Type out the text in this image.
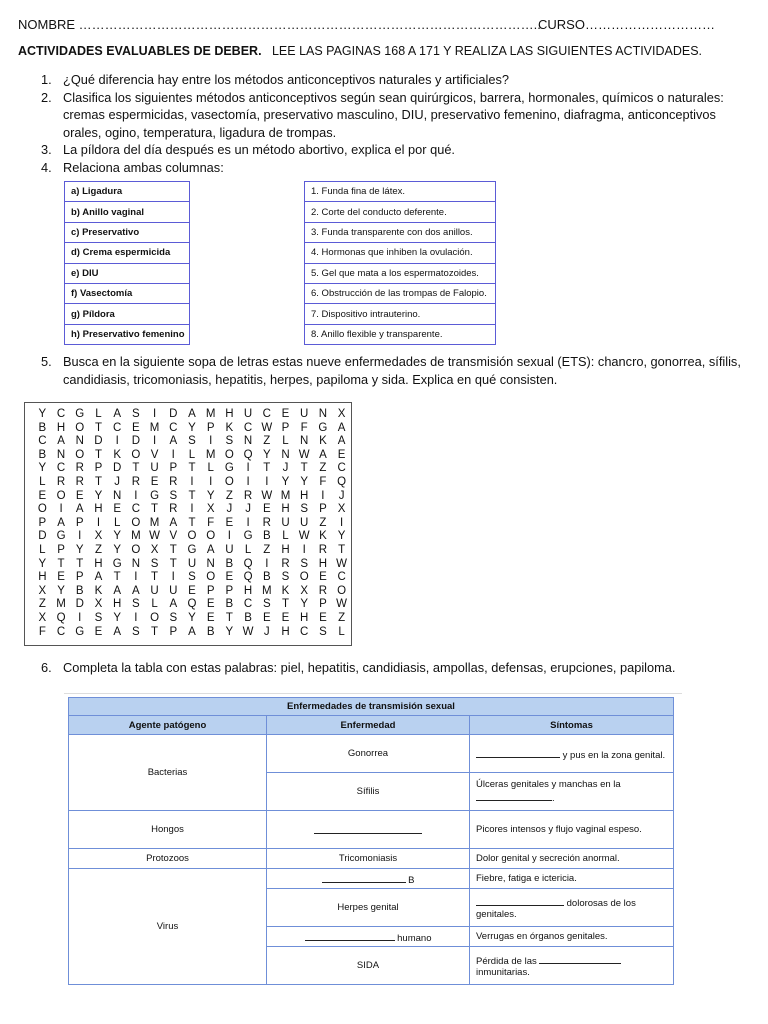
NOMBRE ……………………………………………………………………………………………..
CURSO…………………………
ACTIVIDADES EVALUABLES DE DEBER. LEE LAS PAGINAS 168 A 171 Y REALIZA LAS SIGUIENTES ACTIVIDADES.
1. ¿Qué diferencia hay entre los métodos anticonceptivos naturales y artificiales?
2. Clasifica los siguientes métodos anticonceptivos según sean quirúrgicos, barrera, hormonales, químicos o naturales: cremas espermicidas, vasectomía, preservativo masculino, DIU, preservativo femenino, diafragma, anticonceptivos orales, ogino, temperatura, ligadura de trompas.
3. La píldora del día después es un método abortivo, explica el por qué.
4. Relaciona ambas columnas:
a) Ligadura
b) Anillo vaginal
c) Preservativo
d) Crema espermicida
e) DIU
f) Vasectomía
g) Píldora
h) Preservativo femenino
1. Funda fina de látex.
2. Corte del conducto deferente.
3. Funda transparente con dos anillos.
4. Hormonas que inhiben la ovulación.
5. Gel que mata a los espermatozoides.
6. Obstrucción de las trompas de Falopio.
7. Dispositivo intrauterino.
8. Anillo flexible y transparente.
5. Busca en la siguiente sopa de letras estas nueve enfermedades de transmisión sexual (ETS): chancro, gonorrea, sífilis, candidiasis, tricomoniasis, hepatitis, herpes, papiloma y sida. Explica en qué consisten.
Y C G L	A S	I	D A M H U C E U N X
B H O T C E M C Y P K C W P F G A
C A N D	I	D	I	A S	I	S N Z	L N K A
B N O T K O V	I	L M O Q Y N W A E
Y C R P D T U P T	L G	I	T	J	T	Z C
L R R T	J	R E R	I	I	O	I	I	Y Y F Q
E O E Y N	I	G S T Y Z R W M H	I	J
O	I	A H E C T R	I	X	J	J	E H S P X
P A P	I	L O M A T	F E	I	R U U Z	I
D G	I	X Y M W V O O	I	G B	L W K Y
L	P Y Z Y O X T G A U L	Z H	I	R T
Y T	T H G N S T U N B Q	I	R S H W
H E P A T	I	T	I	S O E Q B S O E C
X Y B K A A U U E P P H M K X R O
Z M D X H S	L	A Q E B C S T Y P W
X Q	I	S Y	I	O S Y E T B E E H E Z
F C G E A S T P A B Y W J	H C S	L
6. Completa la tabla con estas palabras: piel, hepatitis, candidiasis, ampollas, defensas, erupciones, papiloma.
Enfermedades de transmisión sexual		
Agente patógeno	Enfermedad	Síntomas
Bacterias	Gonorrea	y pus en la zona genital.
	Sífilis	Úlceras genitales y manchas en la
.
Hongos		Picores intensos y flujo vaginal espeso.
Protozoos	Tricomoniasis	Dolor genital y secreción anormal.
Virus	B	Fiebre, fatiga e ictericia.
	Herpes genital	dolorosas de los genitales.
	humano	Verrugas en órganos genitales.
	SIDA	Pérdida de las
inmunitarias.
